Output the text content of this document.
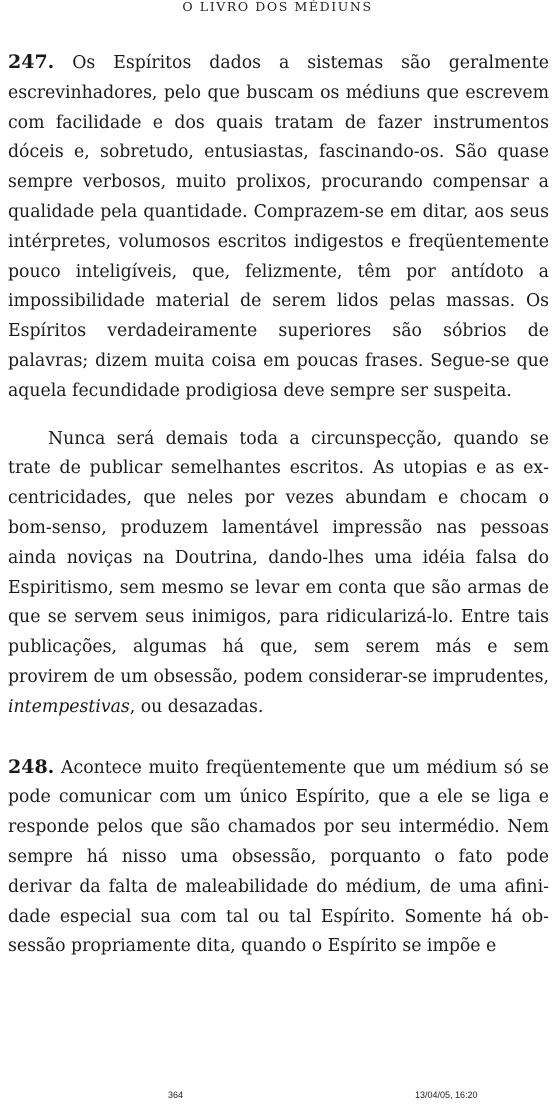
O LIVRO DOS MÉDIUNS

247. Os Espíritos dados a sistemas são geralmente escrevinhadores, pelo que buscam os médiuns que escrevem com facilidade e dos quais tratam de fazer instrumentos dóceis e, sobretudo, entusiastas, fascinando-os. São quase sempre verbosos, muito prolixos, procurando compensar a qualidade pela quantidade. Comprazem-se em ditar, aos seus intérpretes, volumosos escritos indigestos e freqüentemente pouco inteligíveis, que, felizmente, têm por antídoto a impossibilidade material de serem lidos pelas massas. Os Espíritos verdadeiramente superiores são sóbrios de palavras; dizem muita coisa em poucas frases. Segue-se que aquela fecundidade prodigiosa deve sempre ser suspeita.

Nunca será demais toda a circunspecção, quando se trate de publicar semelhantes escritos. As utopias e as excentricidades, que neles por vezes abundam e chocam o bom-senso, produzem lamentável impressão nas pessoas ainda noviças na Doutrina, dando-lhes uma idéia falsa do Espiritismo, sem mesmo se levar em conta que são armas de que se servem seus inimigos, para ridicularizá-lo. Entre tais publicações, algumas há que, sem serem más e sem provirem de um obsessão, podem considerar-se imprudentes, intempestivas, ou desazadas.

248. Acontece muito freqüentemente que um médium só se pode comunicar com um único Espírito, que a ele se liga e responde pelos que são chamados por seu intermédio. Nem sempre há nisso uma obsessão, porquanto o fato pode derivar da falta de maleabilidade do médium, de uma afinidade especial sua com tal ou tal Espírito. Somente há obsessão propriamente dita, quando o Espírito se impõe e

364	13/04/05, 16:20
